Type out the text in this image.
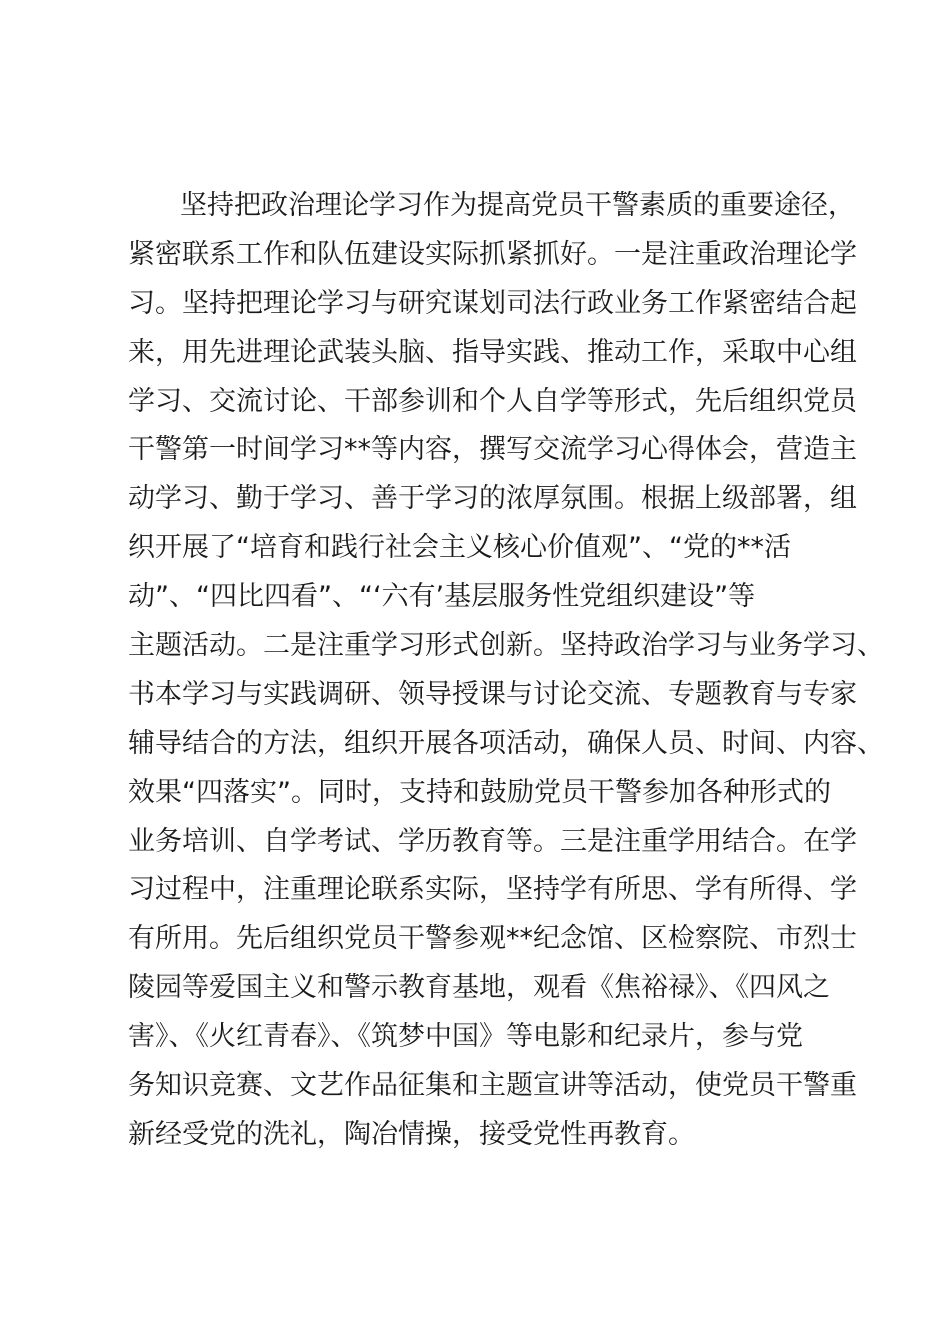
坚持把政治理论学习作为提高党员干警素质的重要途径，
紧密联系工作和队伍建设实际抓紧抓好。一是注重政治理论学
习。坚持把理论学习与研究谋划司法行政业务工作紧密结合起
来，用先进理论武装头脑、指导实践、推动工作，采取中心组
学习、交流讨论、干部参训和个人自学等形式，先后组织党员
干警第一时间学习**等内容，撰写交流学习心得体会，营造主
动学习、勤于学习、善于学习的浓厚氛围。根据上级部署，组
织开展了“培育和践行社会主义核心价值观”、“党的**活
动”、“四比四看”、“‘六有’基层服务性党组织建设”等
主题活动。二是注重学习形式创新。坚持政治学习与业务学习、
书本学习与实践调研、领导授课与讨论交流、专题教育与专家
辅导结合的方法，组织开展各项活动，确保人员、时间、内容、
效果“四落实”。同时，支持和鼓励党员干警参加各种形式的
业务培训、自学考试、学历教育等。三是注重学用结合。在学
习过程中，注重理论联系实际，坚持学有所思、学有所得、学
有所用。先后组织党员干警参观**纪念馆、区检察院、市烈士
陵园等爱国主义和警示教育基地，观看《焦裕禄》、《四风之
害》、《火红青春》、《筑梦中国》等电影和纪录片，参与党
务知识竞赛、文艺作品征集和主题宣讲等活动，使党员干警重
新经受党的洗礼，陶冶情操，接受党性再教育。
